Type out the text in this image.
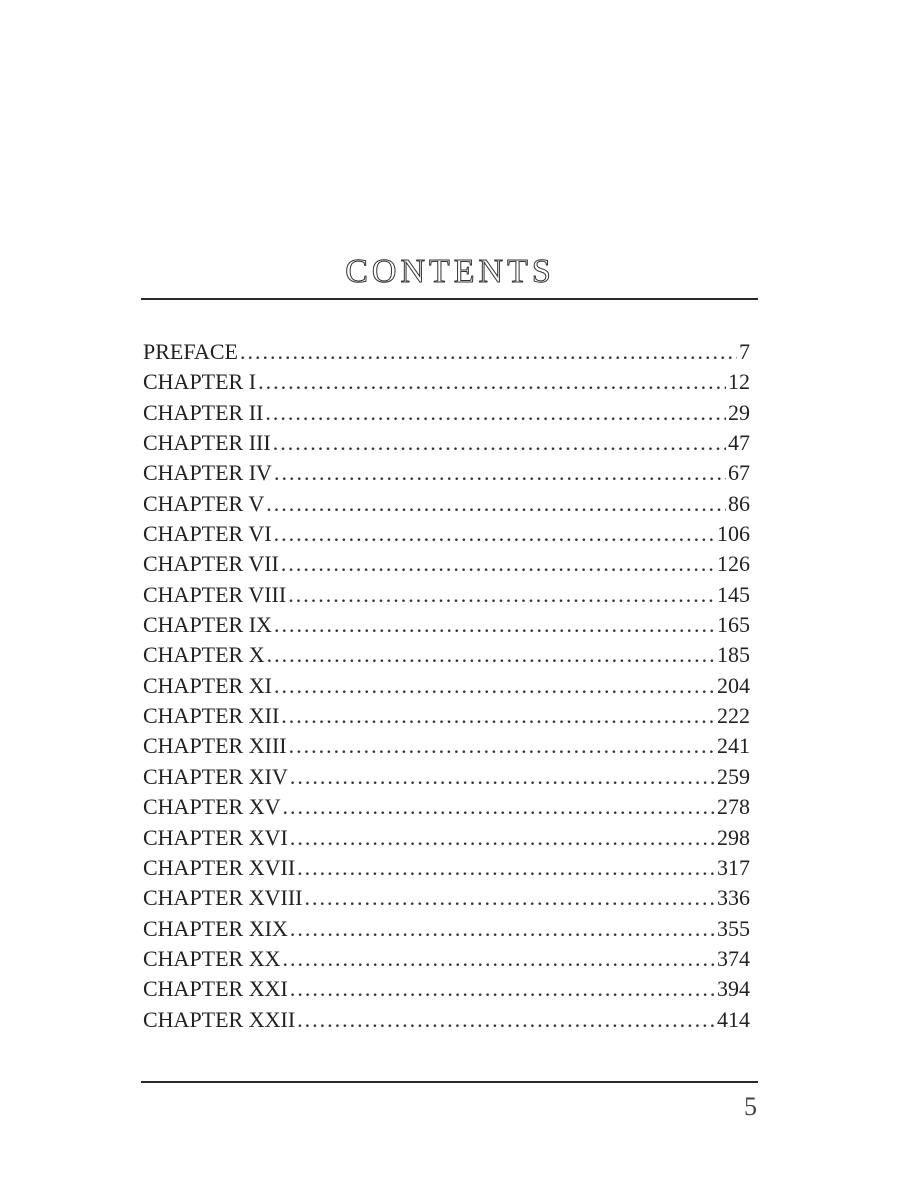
CONTENTS
PREFACE .....	7
CHAPTER I .....	12
CHAPTER II .....	29
CHAPTER III .....	47
CHAPTER IV .....	67
CHAPTER V .....	86
CHAPTER VI .....	106
CHAPTER VII .....	126
CHAPTER VIII .....	145
CHAPTER IX .....	165
CHAPTER X .....	185
CHAPTER XI .....	204
CHAPTER XII .....	222
CHAPTER XIII .....	241
CHAPTER XIV .....	259
CHAPTER XV .....	278
CHAPTER XVI .....	298
CHAPTER XVII .....	317
CHAPTER XVIII .....	336
CHAPTER XIX .....	355
CHAPTER XX .....	374
CHAPTER XXI .....	394
CHAPTER XXII .....	414
5
